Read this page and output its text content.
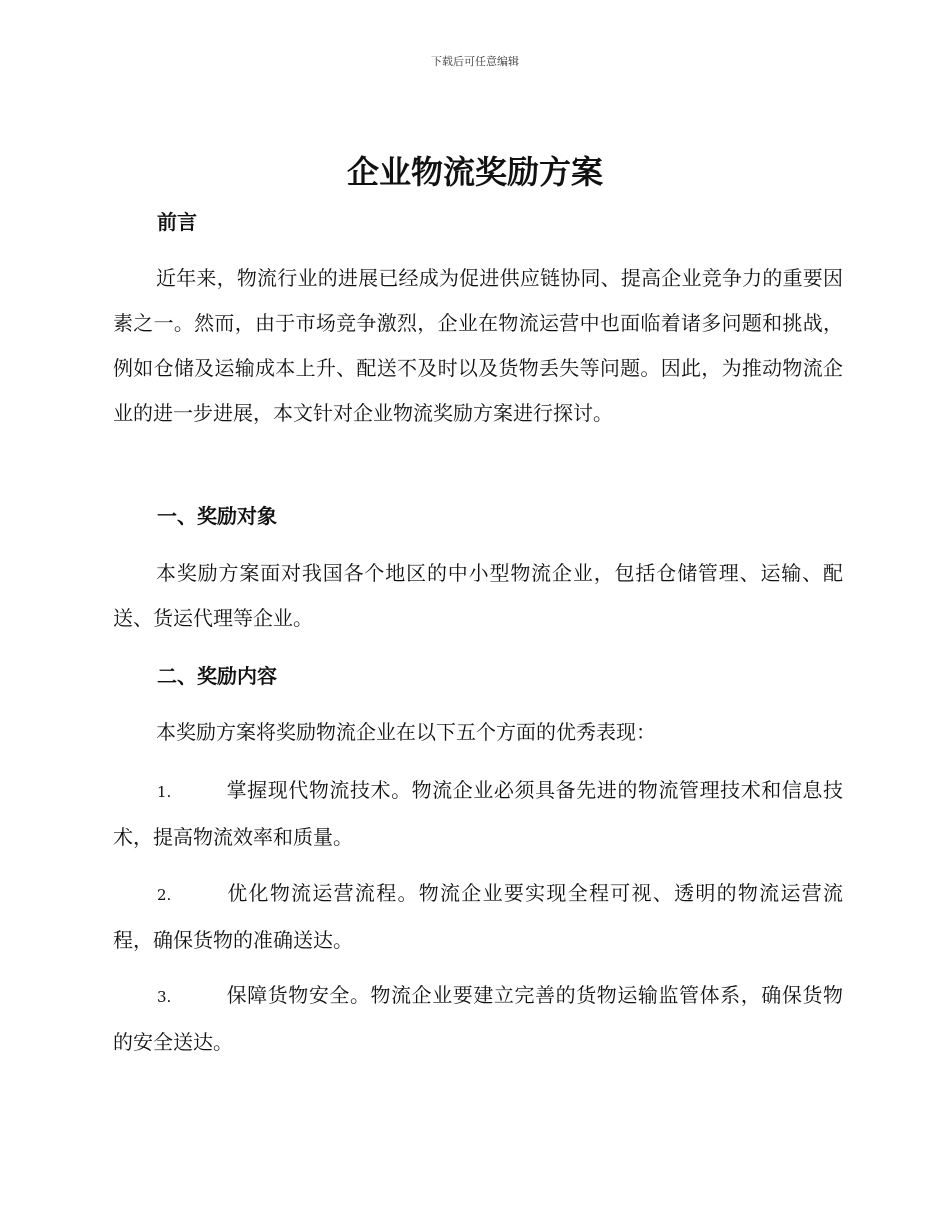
下载后可任意编辑
企业物流奖励方案
前言

近年来，物流行业的进展已经成为促进供应链协同、提高企业竞争力的重要因素之一。然而，由于市场竞争激烈，企业在物流运营中也面临着诸多问题和挑战，例如仓储及运输成本上升、配送不及时以及货物丢失等问题。因此，为推动物流企业的进一步进展，本文针对企业物流奖励方案进行探讨。

一、奖励对象

本奖励方案面对我国各个地区的中小型物流企业，包括仓储管理、运输、配送、货运代理等企业。

二、奖励内容

本奖励方案将奖励物流企业在以下五个方面的优秀表现：

1.	掌握现代物流技术。物流企业必须具备先进的物流管理技术和信息技术，提高物流效率和质量。

2.	优化物流运营流程。物流企业要实现全程可视、透明的物流运营流程，确保货物的准确送达。

3.	保障货物安全。物流企业要建立完善的货物运输监管体系，确保货物的安全送达。
